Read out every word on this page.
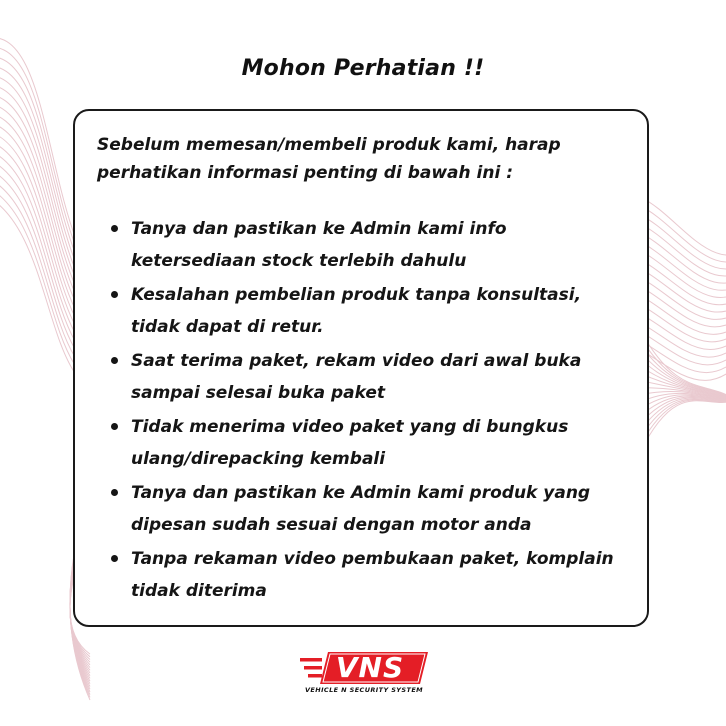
Mohon Perhatian !!

Sebelum memesan/membeli produk kami, harap perhatikan informasi penting di bawah ini :

Tanya dan pastikan ke Admin kami info ketersediaan stock terlebih dahulu
Kesalahan pembelian produk tanpa konsultasi, tidak dapat di retur.
Saat terima paket, rekam video dari awal buka sampai selesai buka paket
Tidak menerima video paket yang di bungkus ulang/direpacking kembali
Tanya dan pastikan ke Admin kami produk yang dipesan sudah sesuai dengan motor anda
Tanpa rekaman video pembukaan paket, komplain tidak diterima
VNS
VEHICLE N SECURITY SYSTEM
